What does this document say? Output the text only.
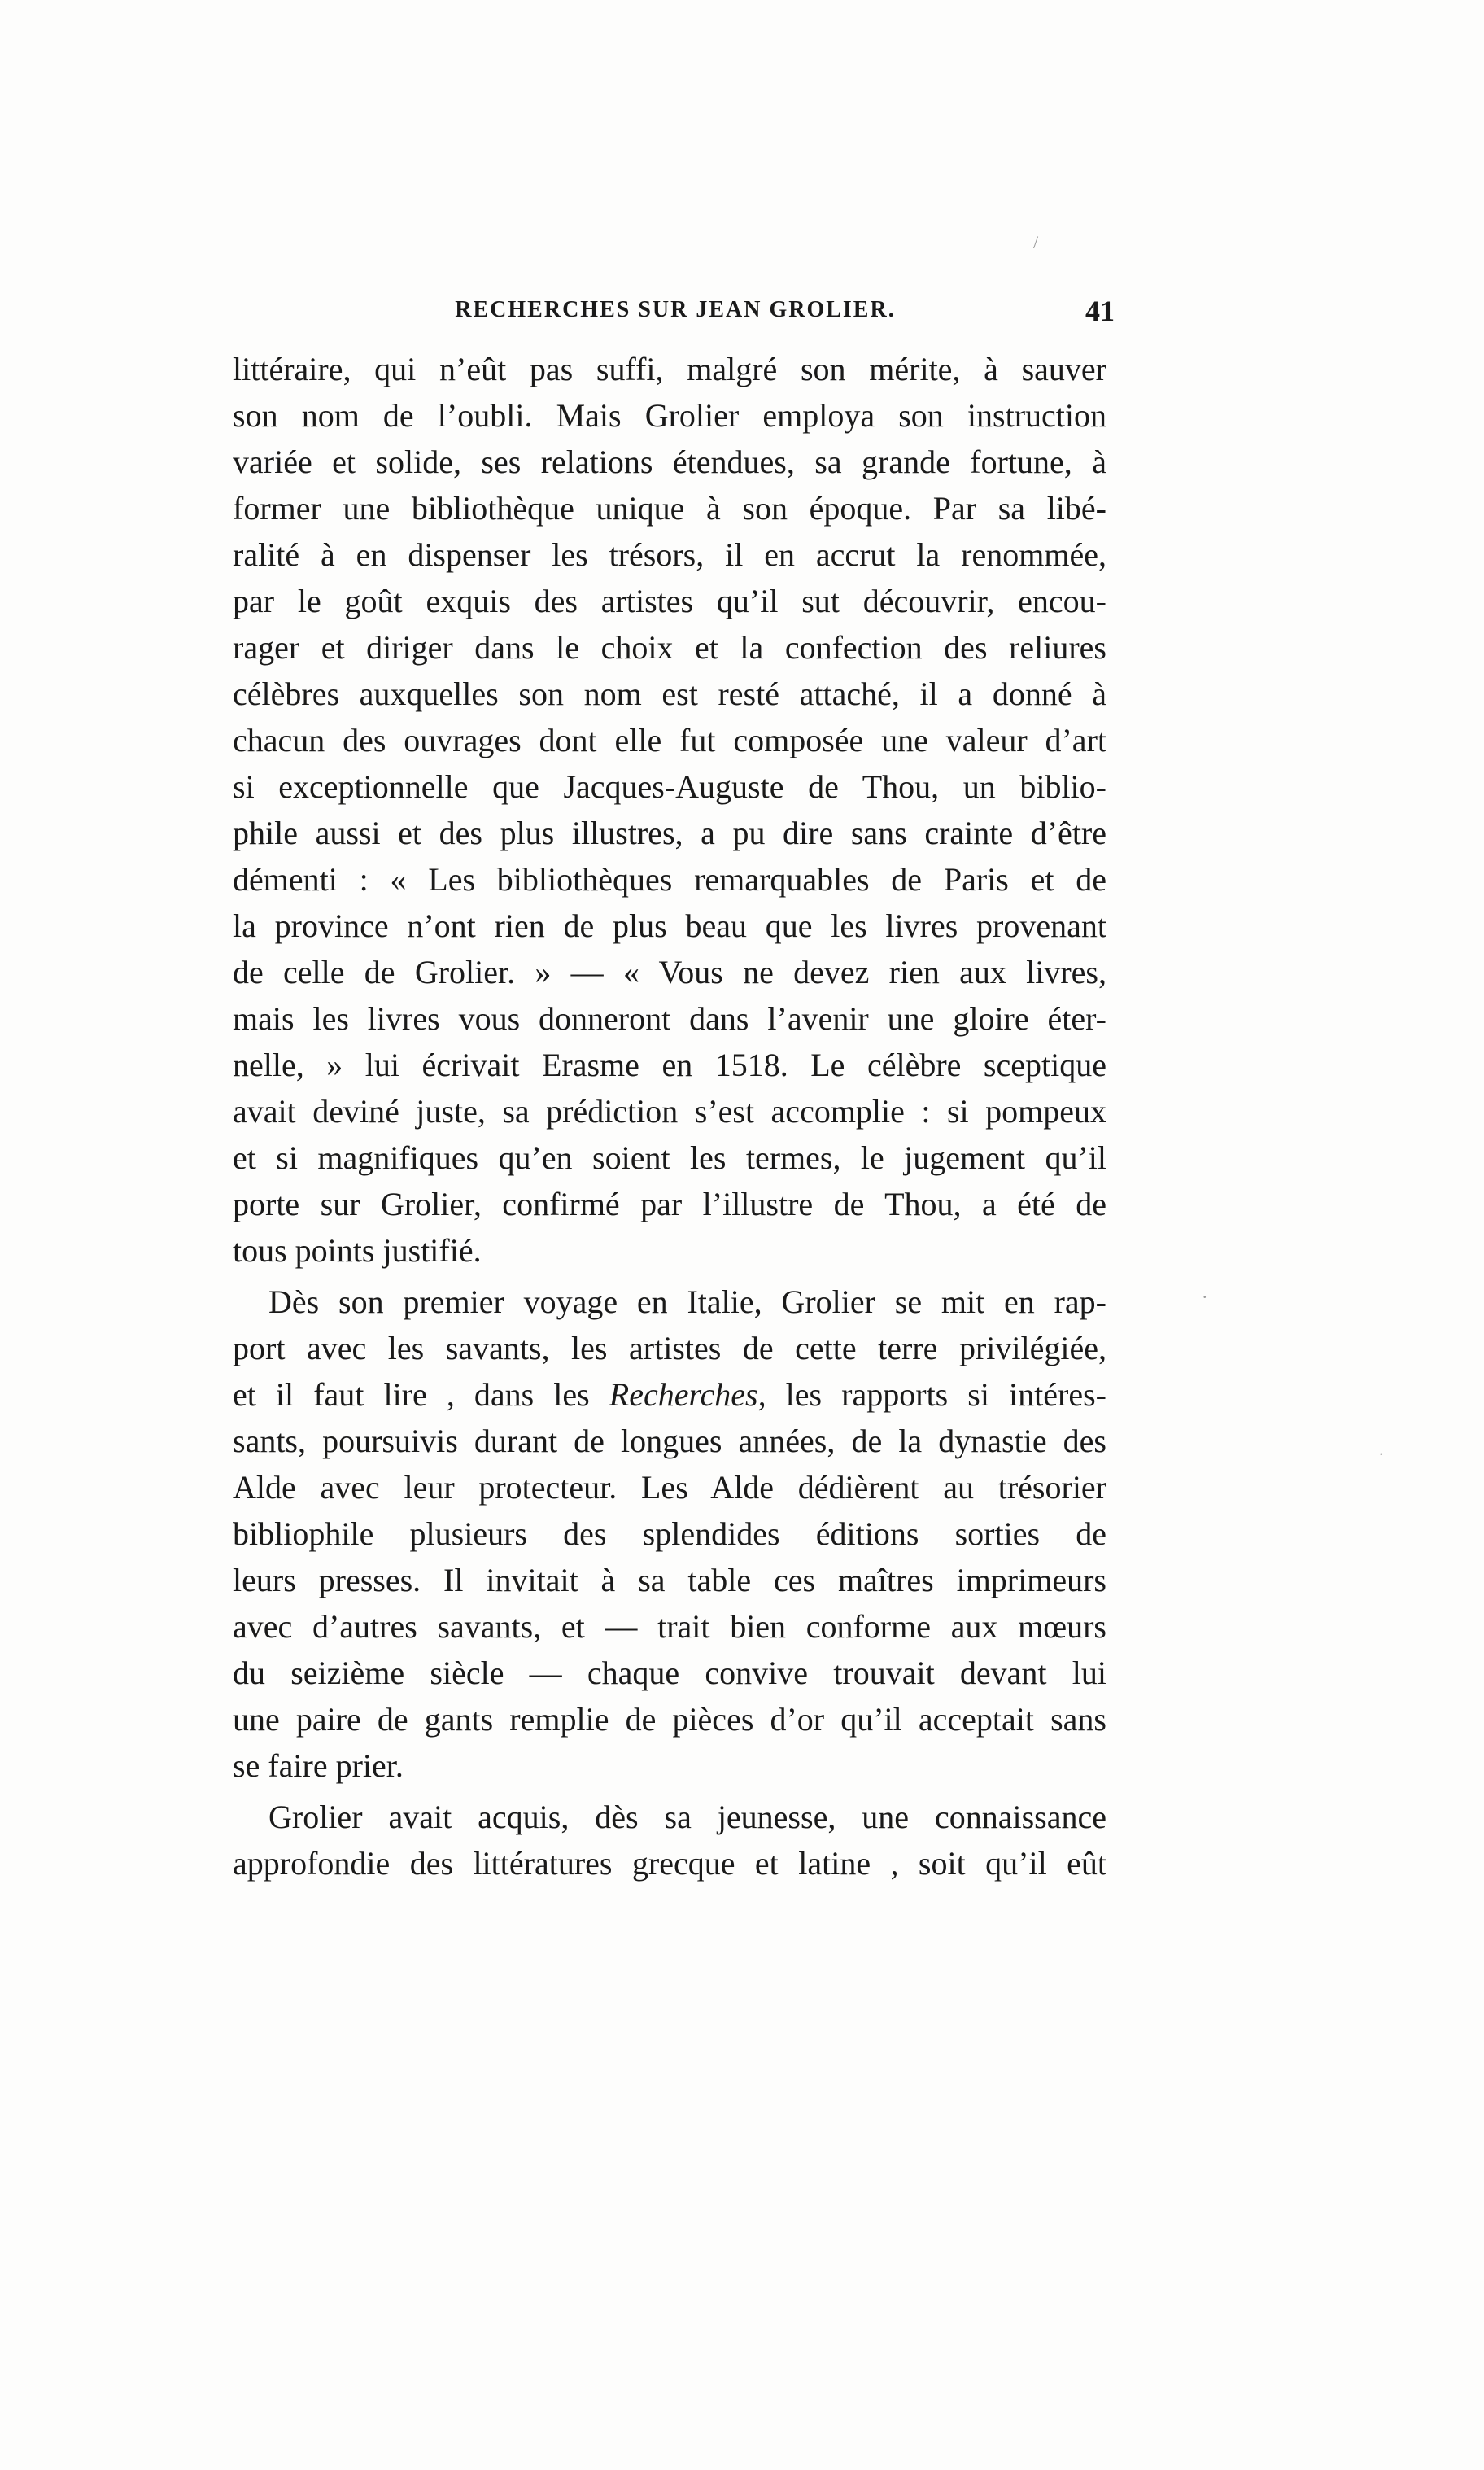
RECHERCHES SUR JEAN GROLIER.	41
littéraire, qui n’eût pas suffi, malgré son mérite, à sauver
son nom de l’oubli. Mais Grolier employa son instruction
variée et solide, ses relations étendues, sa grande fortune, à
former une bibliothèque unique à son époque. Par sa libé-
ralité à en dispenser les trésors, il en accrut la renommée,
par le goût exquis des artistes qu’il sut découvrir, encou-
rager et diriger dans le choix et la confection des reliures
célèbres auxquelles son nom est resté attaché, il a donné à
chacun des ouvrages dont elle fut composée une valeur d’art
si exceptionnelle que Jacques-Auguste de Thou, un biblio-
phile aussi et des plus illustres, a pu dire sans crainte d’être
démenti : « Les bibliothèques remarquables de Paris et de
la province n’ont rien de plus beau que les livres provenant
de celle de Grolier. » — « Vous ne devez rien aux livres,
mais les livres vous donneront dans l’avenir une gloire éter-
nelle, » lui écrivait Erasme en 1518. Le célèbre sceptique
avait deviné juste, sa prédiction s’est accomplie : si pompeux
et si magnifiques qu’en soient les termes, le jugement qu’il
porte sur Grolier, confirmé par l’illustre de Thou, a été de
tous points justifié.
Dès son premier voyage en Italie, Grolier se mit en rap-
port avec les savants, les artistes de cette terre privilégiée,
et il faut lire , dans les Recherches, les rapports si intéres-
sants, poursuivis durant de longues années, de la dynastie des
Alde avec leur protecteur. Les Alde dédièrent au trésorier
bibliophile plusieurs des splendides éditions sorties de
leurs presses. Il invitait à sa table ces maîtres imprimeurs
avec d’autres savants, et — trait bien conforme aux mœurs
du seizième siècle — chaque convive trouvait devant lui
une paire de gants remplie de pièces d’or qu’il acceptait sans
se faire prier.
Grolier avait acquis, dès sa jeunesse, une connaissance
approfondie des littératures grecque et latine , soit qu’il eût
/
.
.
